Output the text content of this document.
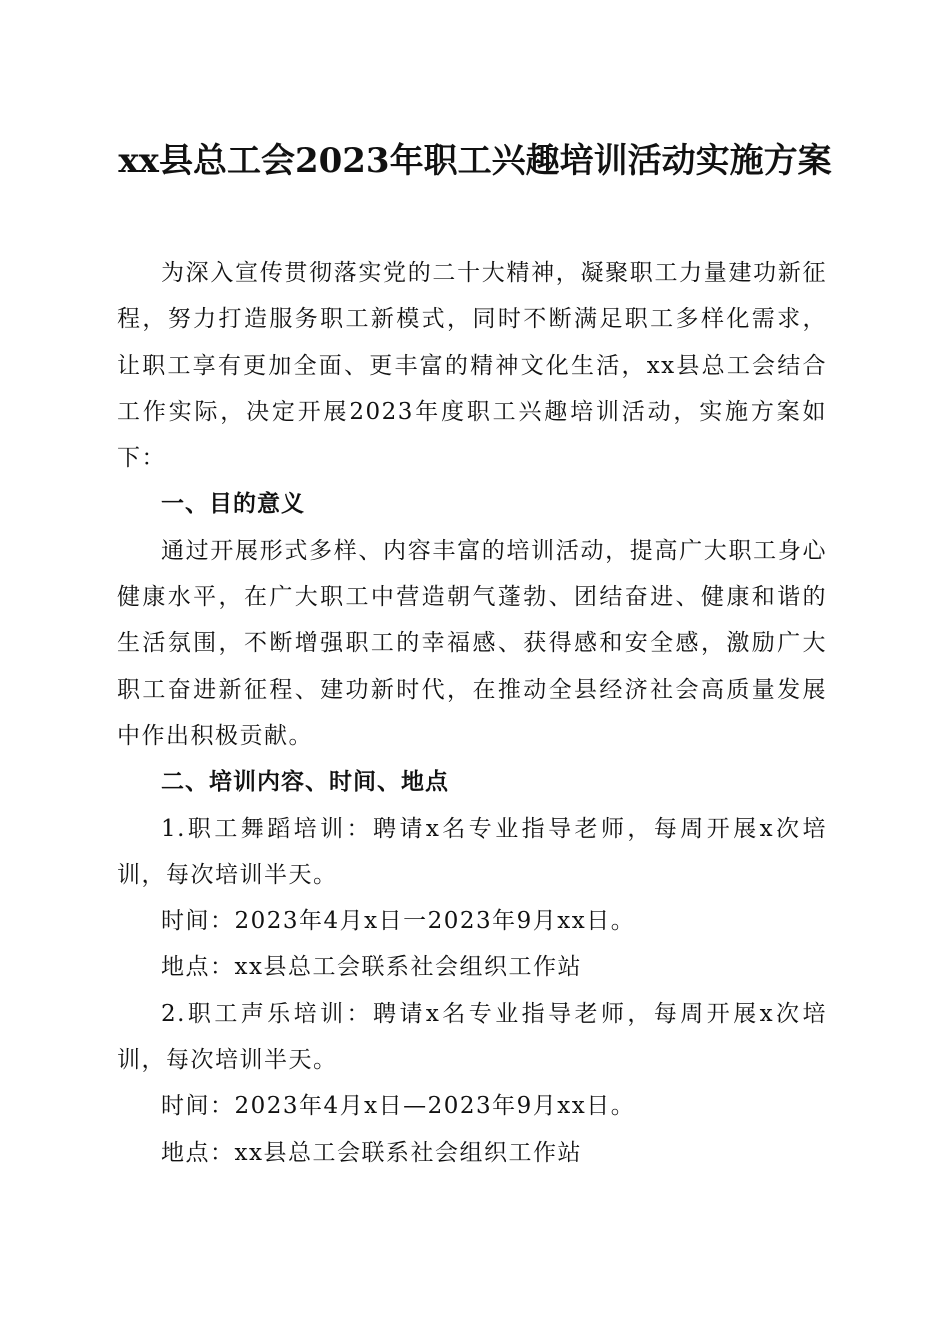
xx县总工会2023年职工兴趣培训活动实施方案

为深入宣传贯彻落实党的二十大精神，凝聚职工力量建功新征程，努力打造服务职工新模式，同时不断满足职工多样化需求，让职工享有更加全面、更丰富的精神文化生活，xx县总工会结合工作实际，决定开展2023年度职工兴趣培训活动，实施方案如下：

一、目的意义

通过开展形式多样、内容丰富的培训活动，提高广大职工身心健康水平，在广大职工中营造朝气蓬勃、团结奋进、健康和谐的生活氛围，不断增强职工的幸福感、获得感和安全感，激励广大职工奋进新征程、建功新时代，在推动全县经济社会高质量发展中作出积极贡献。

二、培训内容、时间、地点

1.职工舞蹈培训：聘请x名专业指导老师，每周开展x次培训，每次培训半天。

时间：2023年4月x日一2023年9月xx日。

地点：xx县总工会联系社会组织工作站

2.职工声乐培训：聘请x名专业指导老师，每周开展x次培训，每次培训半天。

时间：2023年4月x日—2023年9月xx日。

地点：xx县总工会联系社会组织工作站
